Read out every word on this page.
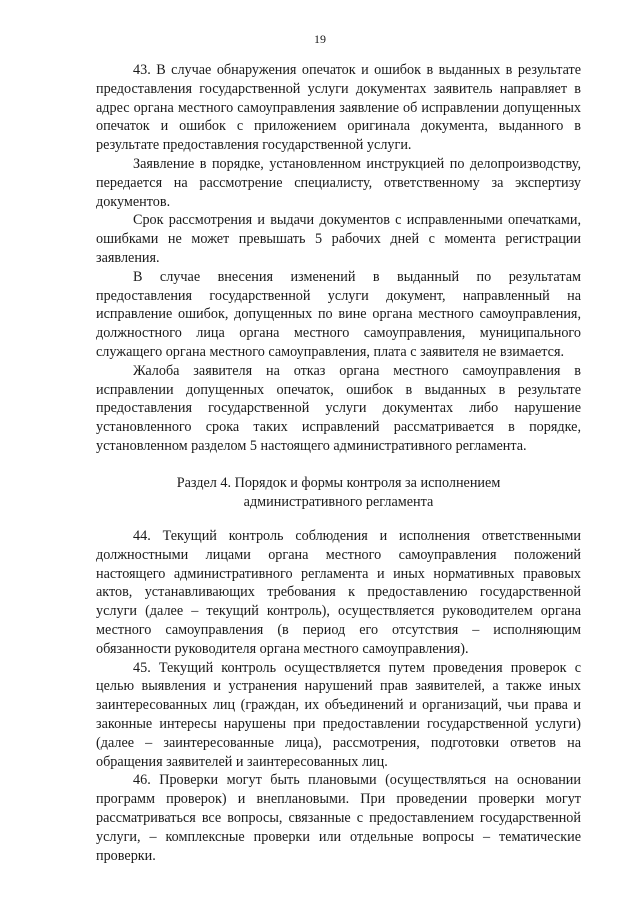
19

43. В случае обнаружения опечаток и ошибок в выданных в результате предоставления государственной услуги документах заявитель направляет в адрес органа местного самоуправления заявление об исправлении допущенных опечаток и ошибок с приложением оригинала документа, выданного в результате предоставления государственной услуги.

Заявление в порядке, установленном инструкцией по делопроизводству, передается на рассмотрение специалисту, ответственному за экспертизу документов.

Срок рассмотрения и выдачи документов с исправленными опечатками, ошибками не может превышать 5 рабочих дней с момента регистрации заявления.

В случае внесения изменений в выданный по результатам предоставления государственной услуги документ, направленный на исправление ошибок, допущенных по вине органа местного самоуправления, должностного лица органа местного самоуправления, муниципального служащего органа местного самоуправления, плата с заявителя не взимается.

Жалоба заявителя на отказ органа местного самоуправления в исправлении допущенных опечаток, ошибок в выданных в результате предоставления государственной услуги документах либо нарушение установленного срока таких исправлений рассматривается в порядке, установленном разделом 5 настоящего административного регламента.

Раздел 4. Порядок и формы контроля за исполнением
административного регламента

44. Текущий контроль соблюдения и исполнения ответственными должностными лицами органа местного самоуправления положений настоящего административного регламента и иных нормативных правовых актов, устанавливающих требования к предоставлению государственной услуги (далее – текущий контроль), осуществляется руководителем органа местного самоуправления (в период его отсутствия – исполняющим обязанности руководителя органа местного самоуправления).

45. Текущий контроль осуществляется путем проведения проверок с целью выявления и устранения нарушений прав заявителей, а также иных заинтересованных лиц (граждан, их объединений и организаций, чьи права и законные интересы нарушены при предоставлении государственной услуги) (далее – заинтересованные лица), рассмотрения, подготовки ответов на обращения заявителей и заинтересованных лиц.

46. Проверки могут быть плановыми (осуществляться на основании программ проверок) и внеплановыми. При проведении проверки могут рассматриваться все вопросы, связанные с предоставлением государственной услуги, – комплексные проверки или отдельные вопросы – тематические проверки.
